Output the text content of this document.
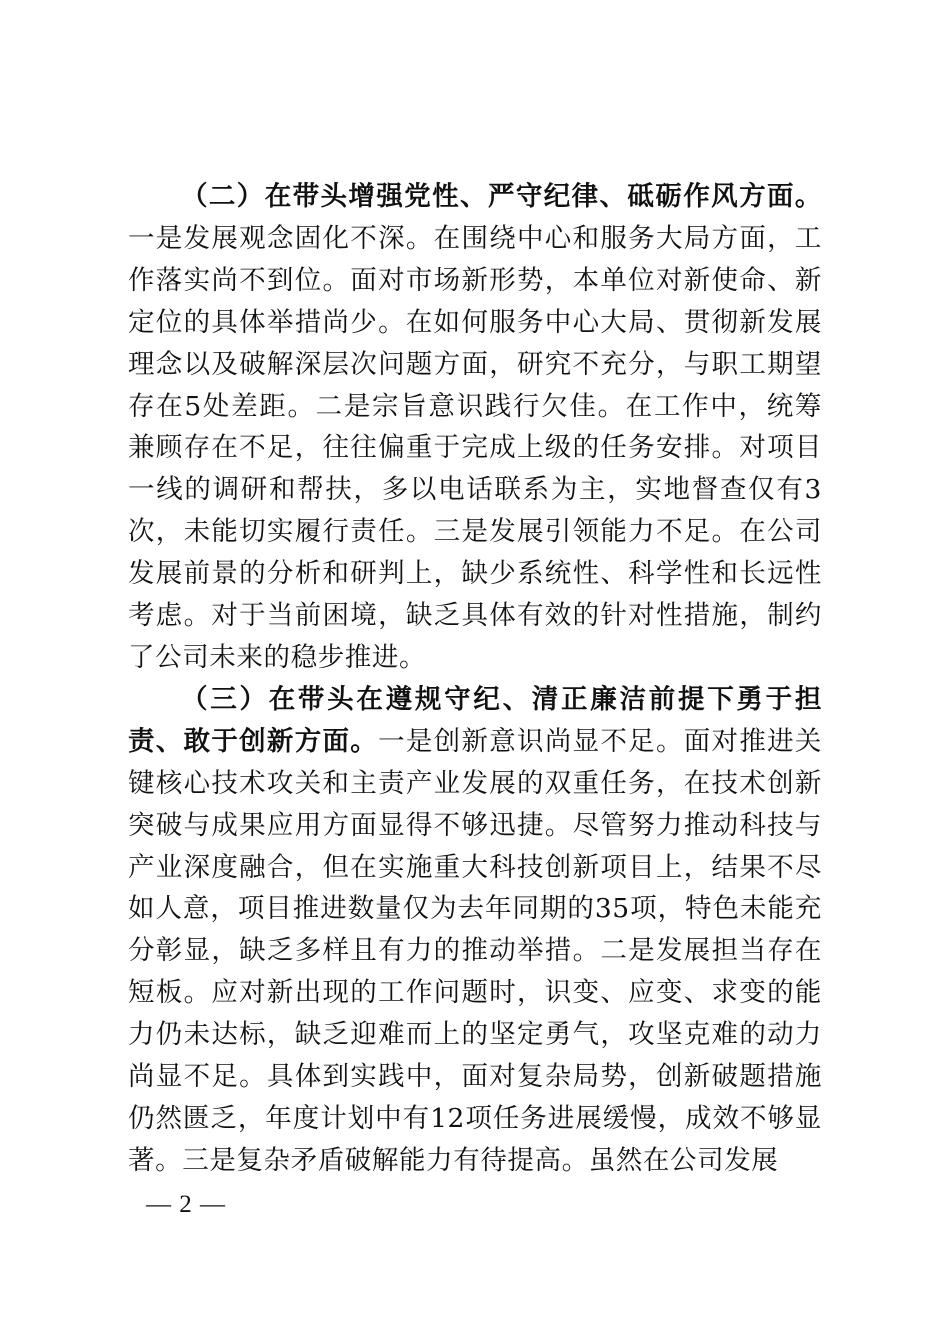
（二）在带头增强党性、严守纪律、砥砺作风方面。一是发展观念固化不深。在围绕中心和服务大局方面，工作落实尚不到位。面对市场新形势，本单位对新使命、新定位的具体举措尚少。在如何服务中心大局、贯彻新发展理念以及破解深层次问题方面，研究不充分，与职工期望存在5处差距。二是宗旨意识践行欠佳。在工作中，统筹兼顾存在不足，往往偏重于完成上级的任务安排。对项目一线的调研和帮扶，多以电话联系为主，实地督查仅有3次，未能切实履行责任。三是发展引领能力不足。在公司发展前景的分析和研判上，缺少系统性、科学性和长远性考虑。对于当前困境，缺乏具体有效的针对性措施，制约了公司未来的稳步推进。

（三）在带头在遵规守纪、清正廉洁前提下勇于担责、敢于创新方面。一是创新意识尚显不足。面对推进关键核心技术攻关和主责产业发展的双重任务，在技术创新突破与成果应用方面显得不够迅捷。尽管努力推动科技与产业深度融合，但在实施重大科技创新项目上，结果不尽如人意，项目推进数量仅为去年同期的35项，特色未能充分彰显，缺乏多样且有力的推动举措。二是发展担当存在短板。应对新出现的工作问题时，识变、应变、求变的能力仍未达标，缺乏迎难而上的坚定勇气，攻坚克难的动力尚显不足。具体到实践中，面对复杂局势，创新破题措施仍然匮乏，年度计划中有12项任务进展缓慢，成效不够显著。三是复杂矛盾破解能力有待提高。虽然在公司发展

— 2 —
